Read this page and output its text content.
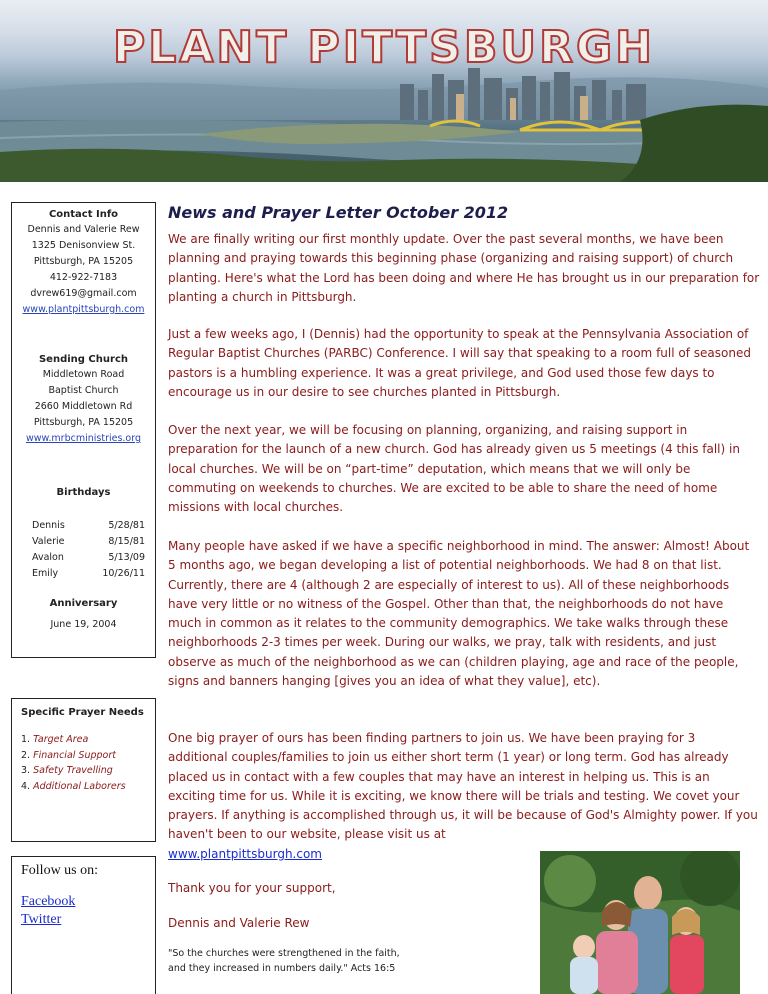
PLANT PITTSBURGH
Contact Info
Dennis and Valerie Rew
1325 Denisonview St.
Pittsburgh, PA 15205
412-922-7183
dvrew619@gmail.com
www.plantpittsburgh.com
Sending Church
Middletown Road
Baptist Church
2660 Middletown Rd
Pittsburgh, PA 15205
www.mrbcministries.org
Birthdays
Dennis	5/28/81
Valerie	8/15/81
Avalon	5/13/09
Emily	10/26/11
Anniversary
June 19, 2004
Specific Prayer Needs
1. Target Area
2. Financial Support
3. Safety Travelling
4. Additional Laborers
Follow us on:
Facebook
Twitter
News and Prayer Letter October 2012
We are finally writing our first monthly update. Over the past several months, we have been planning and praying towards this beginning phase (organizing and raising support) of church planting. Here's what the Lord has been doing and where He has brought us in our preparation for planting a church in Pittsburgh.
Just a few weeks ago, I (Dennis) had the opportunity to speak at the Pennsylvania Association of Regular Baptist Churches (PARBC) Conference. I will say that speaking to a room full of seasoned pastors is a humbling experience. It was a great privilege, and God used those few days to encourage us in our desire to see churches planted in Pittsburgh.
Over the next year, we will be focusing on planning, organizing, and raising support in preparation for the launch of a new church. God has already given us 5 meetings (4 this fall) in local churches. We will be on “part-time” deputation, which means that we will only be commuting on weekends to churches. We are excited to be able to share the need of home missions with local churches.
Many people have asked if we have a specific neighborhood in mind. The answer: Almost! About 5 months ago, we began developing a list of potential neighborhoods. We had 8 on that list. Currently, there are 4 (although 2 are especially of interest to us). All of these neighborhoods have very little or no witness of the Gospel. Other than that, the neighborhoods do not have much in common as it relates to the community demographics. We take walks through these neighborhoods 2-3 times per week. During our walks, we pray, talk with residents, and just observe as much of the neighborhood as we can (children playing, age and race of the people, signs and banners hanging [gives you an idea of what they value], etc).
One big prayer of ours has been finding partners to join us. We have been praying for 3 additional couples/families to join us either short term (1 year) or long term. God has already placed us in contact with a few couples that may have an interest in helping us. This is an exciting time for us. While it is exciting, we know there will be trials and testing. We covet your prayers. If anything is accomplished through us, it will be because of God's Almighty power. If you haven't been to our website, please visit us at
www.plantpittsburgh.com
Thank you for your support,
Dennis and Valerie Rew
"So the churches were strengthened in the faith,
and they increased in numbers daily." Acts 16:5
